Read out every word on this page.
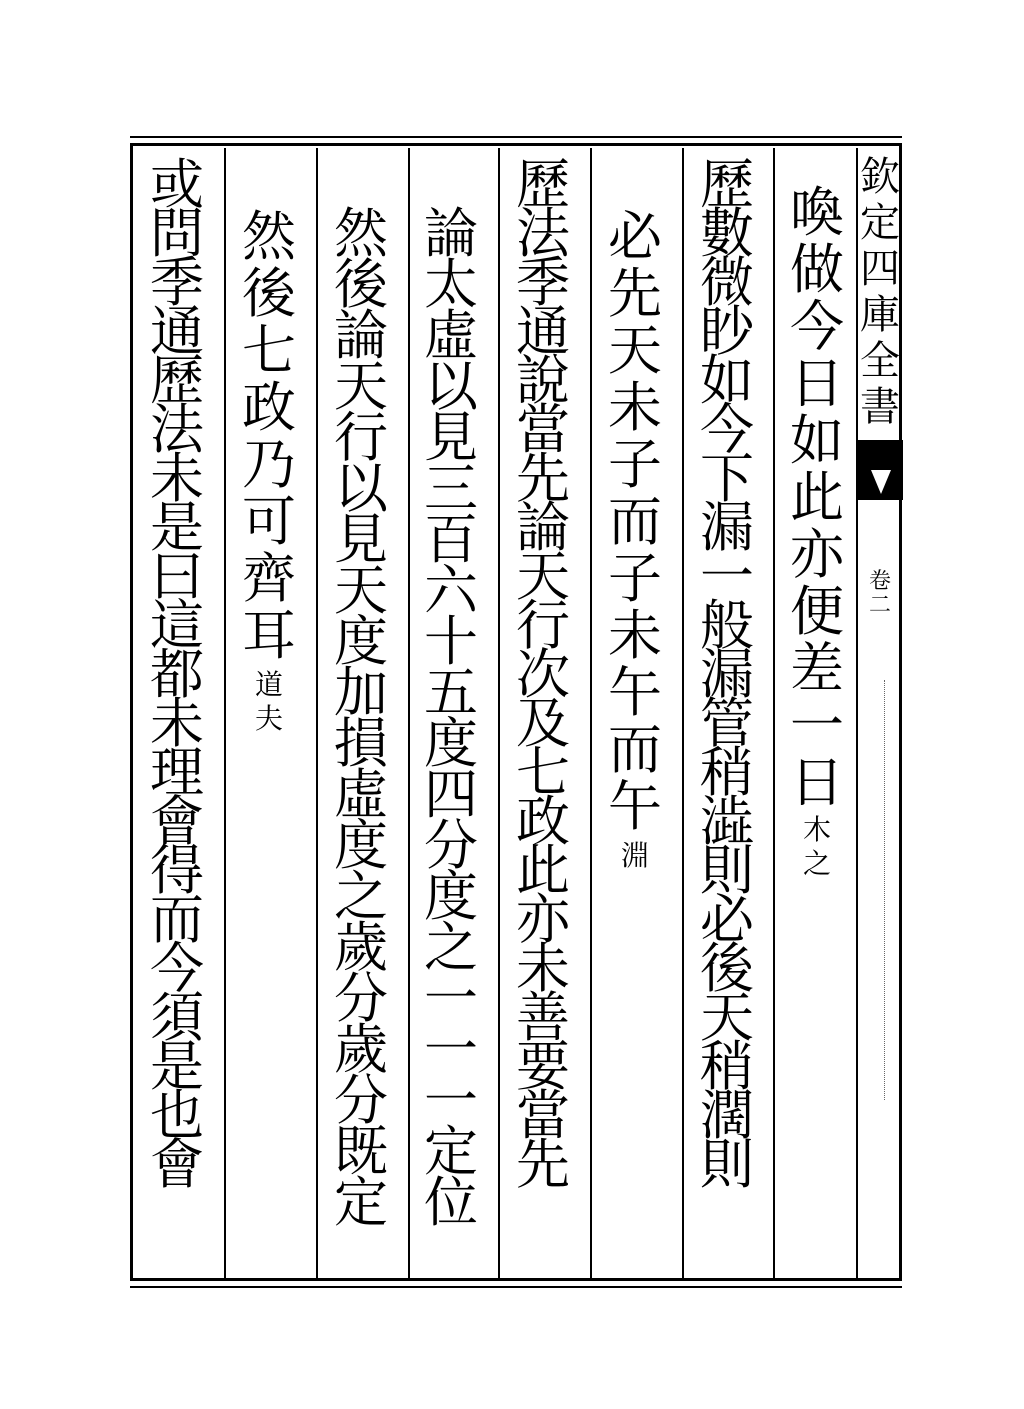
欽定四庫全書
卷二
喚做今日如此亦便差一日
木之
歷數微眇如今下漏一般漏管稍澁則必後天稍濶則
必先天未子而子未午而午
淵
歷法季通說當先論天行次及七政此亦未善要當先
論太虛以見三百六十五度四分度之一一一定位
然後論天行以見天度加損虛度之歲分歲分既定
然後七政乃可齊耳
道夫
或問季通歷法未是曰這都未理會得而今須是也會
